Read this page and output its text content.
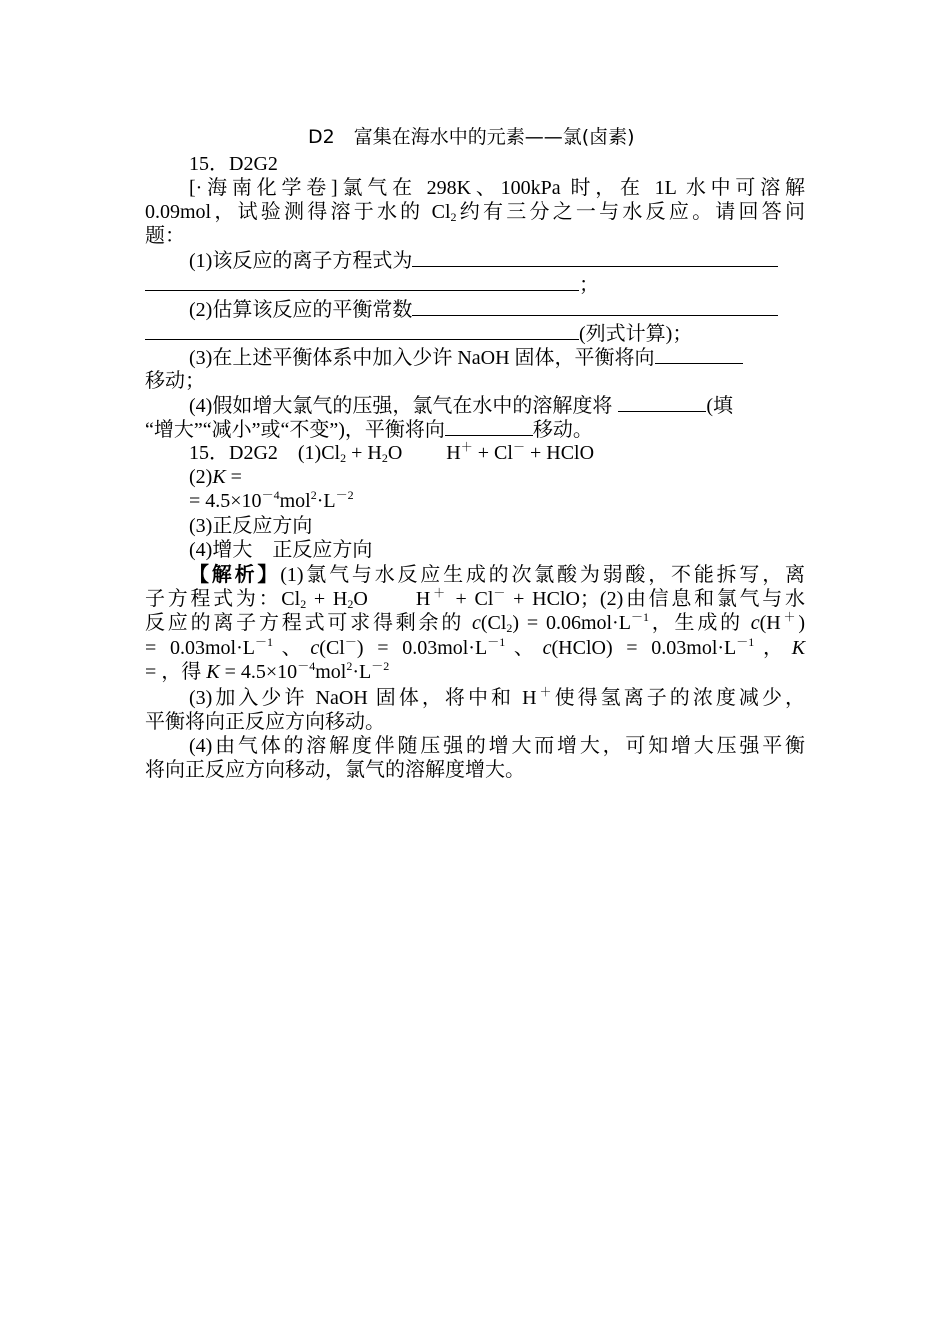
D2　富集在海水中的元素——氯(卤素)
15．D2G2
[·海南化学卷]氯气在 298K、100kPa 时，在 1L 水中可溶解
0.09mol，试验测得溶于水的 $Cl_2$约有三分之一与水反应。请回答问
题：
(1)该反应的离子方程式为
；
(2)估算该反应的平衡常数
(列式计算)；
(3)在上述平衡体系中加入少许 NaOH 固体，平衡将向
移动；
(4)假如增大氯气的压强，氯气在水中的溶解度将	(填
“增大”“减小”或“不变”)，平衡将向	移动。
15．D2G2　$(1)Cl_2 + H_2O$ H＋ + Cl－ + HClO
(2)K =
= $4.5\times 10^{-4}mol^2\cdot L^{-2}$
(3)正反应方向
(4)增大　正反应方向
【解析】(1)氯气与水反应生成的次氯酸为弱酸，不能拆写，离
子方程式为：$Cl_2 + H_2O$　　H＋ + Cl－ + HClO；(2)由信息和氯气与水
反应的离子方程式可求得剩余的 $c(Cl_2) = 0.06mol\cdot L^{-1}$，生成的 c(H＋)
= $0.03mol\cdot L^{-1}$、$c(Cl^-) = 0.03mol\cdot L^{-1}$、c(HClO) = $0.03mol\cdot L^{-1}$，K
= ，得 $K = 4.5\times 10^{-4}mol^2\cdot L^{-2}$
(3)加入少许 NaOH 固体，将中和 H＋使得氢离子的浓度减少，
平衡将向正反应方向移动。
(4)由气体的溶解度伴随压强的增大而增大，可知增大压强平衡
将向正反应方向移动，氯气的溶解度增大。
